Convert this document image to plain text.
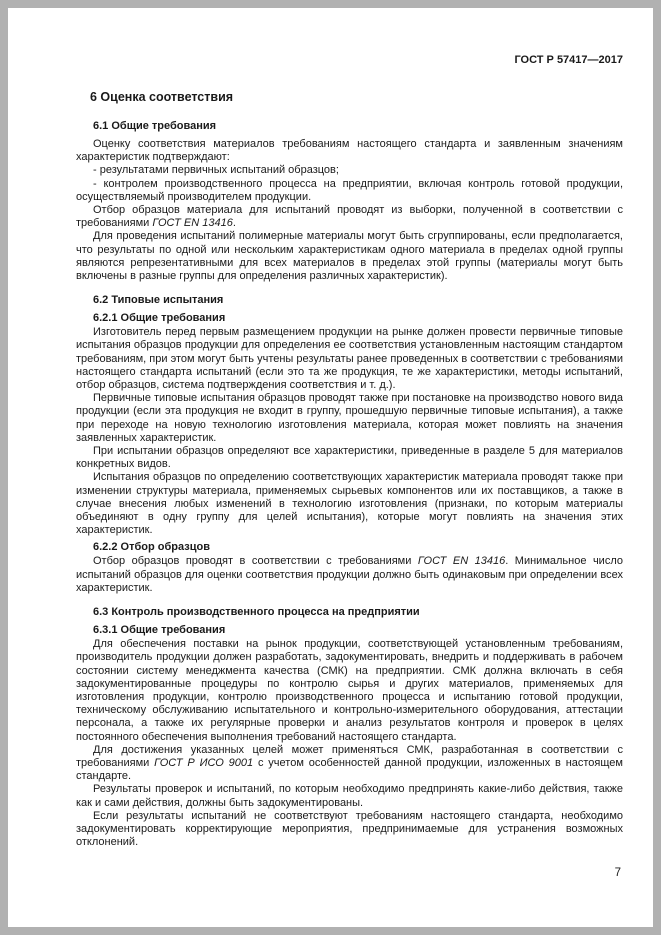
ГОСТ Р 57417—2017
6 Оценка соответствия
6.1 Общие требования

Оценку соответствия материалов требованиям настоящего стандарта и заявленным значениям характеристик подтверждают:

- результатами первичных испытаний образцов;

- контролем производственного процесса на предприятии, включая контроль готовой продукции, осуществляемый производителем продукции.

Отбор образцов материала для испытаний проводят из выборки, полученной в соответствии с требованиями ГОСТ EN 13416.

Для проведения испытаний полимерные материалы могут быть сгруппированы, если предполагается, что результаты по одной или нескольким характеристикам одного материала в пределах одной группы являются репрезентативными для всех материалов в пределах этой группы (материалы могут быть включены в разные группы для определения различных характеристик).

6.2 Типовые испытания
6.2.1 Общие требования

Изготовитель перед первым размещением продукции на рынке должен провести первичные типовые испытания образцов продукции для определения ее соответствия установленным настоящим стандартом требованиям, при этом могут быть учтены результаты ранее проведенных в соответствии с требованиями настоящего стандарта испытаний (если это та же продукция, те же характеристики, методы испытаний, отбор образцов, система подтверждения соответствия и т. д.).

Первичные типовые испытания образцов проводят также при постановке на производство нового вида продукции (если эта продукция не входит в группу, прошедшую первичные типовые испытания), а также при переходе на новую технологию изготовления материала, которая может повлиять на значения заявленных характеристик.

При испытании образцов определяют все характеристики, приведенные в разделе 5 для материалов конкретных видов.

Испытания образцов по определению соответствующих характеристик материала проводят также при изменении структуры материала, применяемых сырьевых компонентов или их поставщиков, а также в случае внесения любых изменений в технологию изготовления (признаки, по которым материалы объединяют в одну группу для целей испытания), которые могут повлиять на значения этих характеристик.

6.2.2 Отбор образцов

Отбор образцов проводят в соответствии с требованиями ГОСТ EN 13416. Минимальное число испытаний образцов для оценки соответствия продукции должно быть одинаковым при определении всех характеристик.

6.3 Контроль производственного процесса на предприятии
6.3.1 Общие требования

Для обеспечения поставки на рынок продукции, соответствующей установленным требованиям, производитель продукции должен разработать, задокументировать, внедрить и поддерживать в рабочем состоянии систему менеджмента качества (СМК) на предприятии. СМК должна включать в себя задокументированные процедуры по контролю сырья и других материалов, применяемых для изготовления продукции, контролю производственного процесса и испытанию готовой продукции, техническому обслуживанию испытательного и контрольно-измерительного оборудования, аттестации персонала, а также их регулярные проверки и анализ результатов контроля и проверок в целях постоянного обеспечения выполнения требований настоящего стандарта.

Для достижения указанных целей может применяться СМК, разработанная в соответствии с требованиями ГОСТ Р ИСО 9001 с учетом особенностей данной продукции, изложенных в настоящем стандарте.

Результаты проверок и испытаний, по которым необходимо предпринять какие-либо действия, также как и сами действия, должны быть задокументированы.

Если результаты испытаний не соответствуют требованиям настоящего стандарта, необходимо задокументировать корректирующие мероприятия, предпринимаемые для устранения возможных отклонений.

7
